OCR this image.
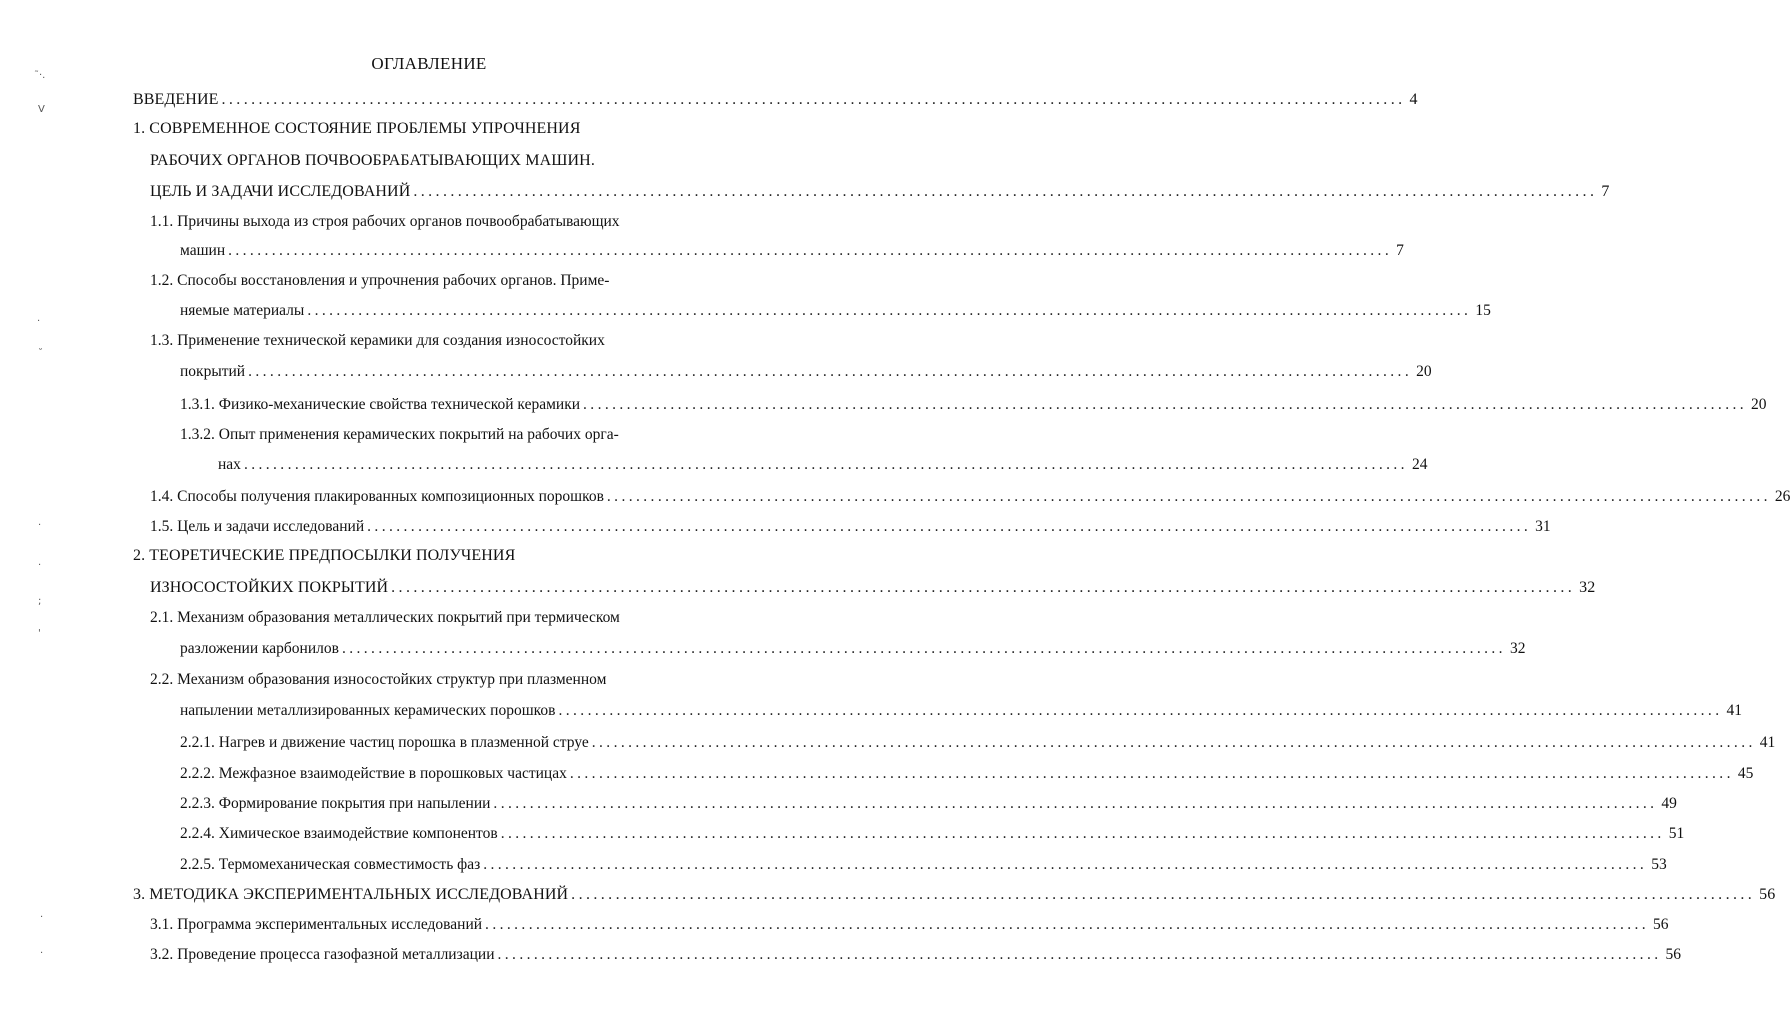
ОГЛАВЛЕНИЕ
˜·.
V
·
˘
·
·
;
'
·
·
ВВЕДЕНИЕ ................................................................................................................................................................ 4
1. СОВРЕМЕННОЕ СОСТОЯНИЕ ПРОБЛЕМЫ УПРОЧНЕНИЯ
РАБОЧИХ ОРГАНОВ ПОЧВООБРАБАТЫВАЮЩИХ МАШИН.
ЦЕЛЬ И ЗАДАЧИ ИССЛЕДОВАНИЙ ................................................................................................................................................................ 7
1.1. Причины выхода из строя рабочих органов почвообрабатывающих
машин ................................................................................................................................................................ 7
1.2. Способы восстановления и упрочнения рабочих органов. Приме-
няемые материалы ................................................................................................................................................................ 15
1.3. Применение технической керамики для создания износостойких
покрытий ................................................................................................................................................................ 20
1.3.1. Физико-механические свойства технической керамики ................................................................................................................................................................ 20
1.3.2. Опыт применения керамических покрытий на рабочих орга-
нах ................................................................................................................................................................ 24
1.4. Способы получения плакированных композиционных порошков ................................................................................................................................................................ 26
1.5. Цель и задачи исследований ................................................................................................................................................................ 31
2. ТЕОРЕТИЧЕСКИЕ ПРЕДПОСЫЛКИ ПОЛУЧЕНИЯ
ИЗНОСОСТОЙКИХ ПОКРЫТИЙ ................................................................................................................................................................ 32
2.1. Механизм образования металлических покрытий при термическом
разложении карбонилов ................................................................................................................................................................ 32
2.2. Механизм образования износостойких структур при плазменном
напылении металлизированных керамических порошков ................................................................................................................................................................ 41
2.2.1. Нагрев и движение частиц порошка в плазменной струе ................................................................................................................................................................ 41
2.2.2. Межфазное взаимодействие в порошковых частицах ................................................................................................................................................................ 45
2.2.3. Формирование покрытия при напылении ................................................................................................................................................................ 49
2.2.4. Химическое взаимодействие компонентов ................................................................................................................................................................ 51
2.2.5. Термомеханическая совместимость фаз ................................................................................................................................................................ 53
3. МЕТОДИКА ЭКСПЕРИМЕНТАЛЬНЫХ ИССЛЕДОВАНИЙ ................................................................................................................................................................ 56
3.1. Программа экспериментальных исследований ................................................................................................................................................................ 56
3.2. Проведение процесса газофазной металлизации ................................................................................................................................................................ 56
